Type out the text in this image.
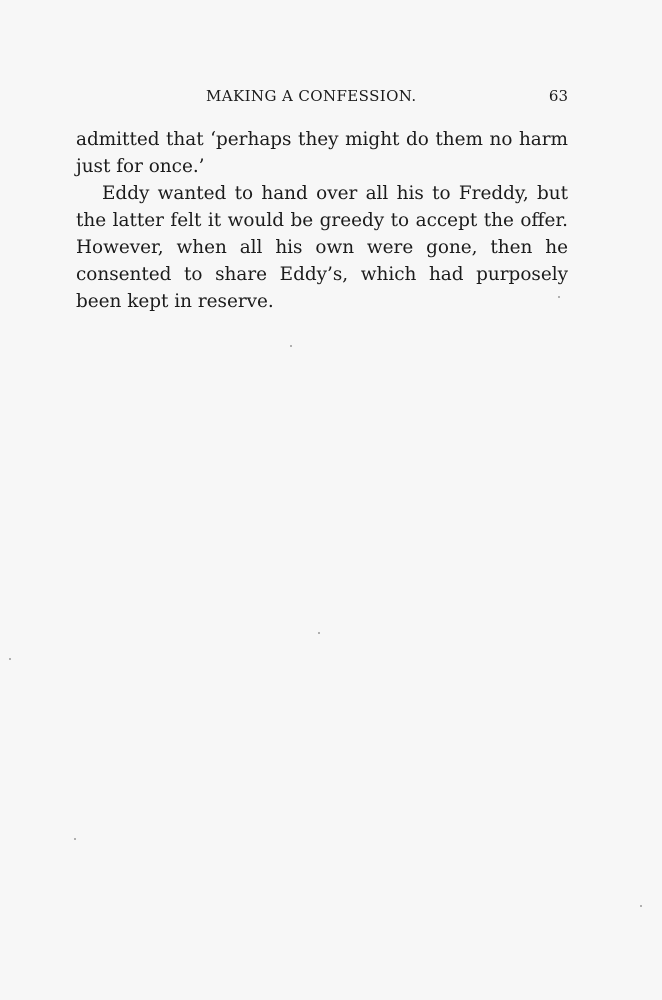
MAKING A CONFESSION.	63

admitted that ‘perhaps they might do them no harm just for once.’

Eddy wanted to hand over all his to Freddy, but the latter felt it would be greedy to accept the offer. However, when all his own were gone, then he consented to share Eddy’s, which had purposely been kept in reserve.
